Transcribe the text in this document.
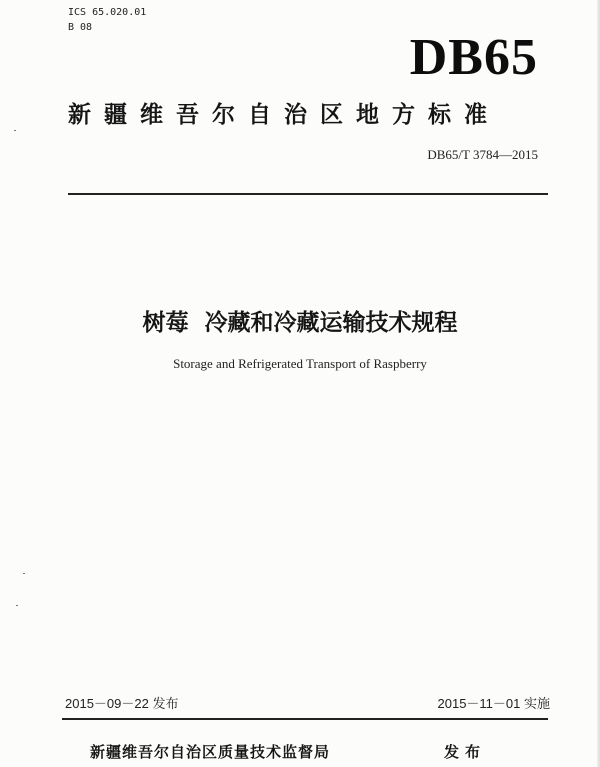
ICS 65.020.01
B 08
DB65
新疆维吾尔自治区地方标准
DB65/T 3784—2015
树莓  冷藏和冷藏运输技术规程
Storage and Refrigerated Transport of Raspberry
2015－09－22 发布	2015－11－01 实施
新疆维吾尔自治区质量技术监督局	发布
